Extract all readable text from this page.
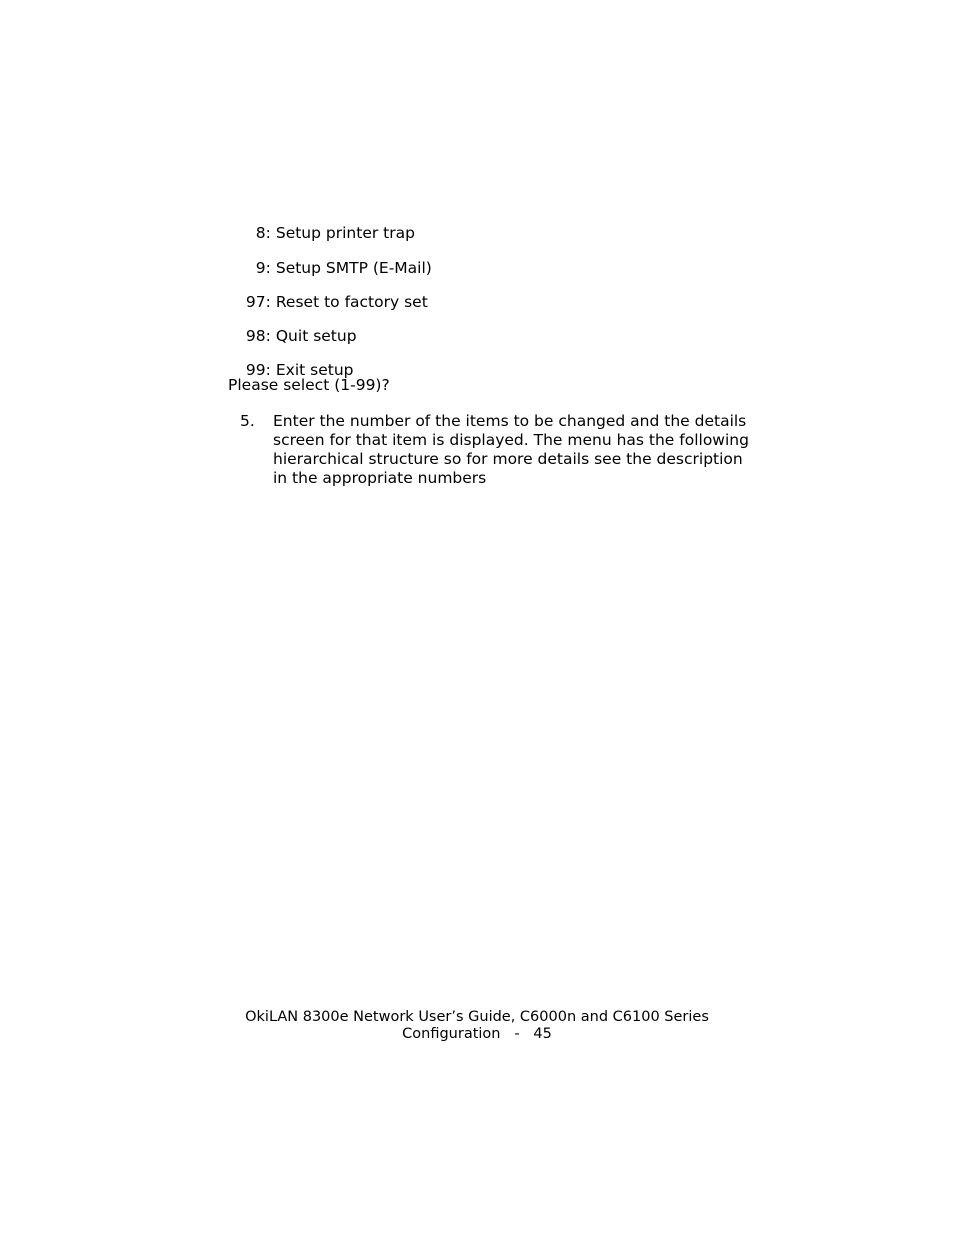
8: Setup printer trap

9: Setup SMTP (E-Mail)

97: Reset to factory set

98: Quit setup

99: Exit setup

Please select (1-99)?
5. Enter the number of the items to be changed and the details screen for that item is displayed. The menu has the following hierarchical structure so for more details see the description in the appropriate numbers
OkiLAN 8300e Network User’s Guide, C6000n and C6100 Series
Configuration - 45
